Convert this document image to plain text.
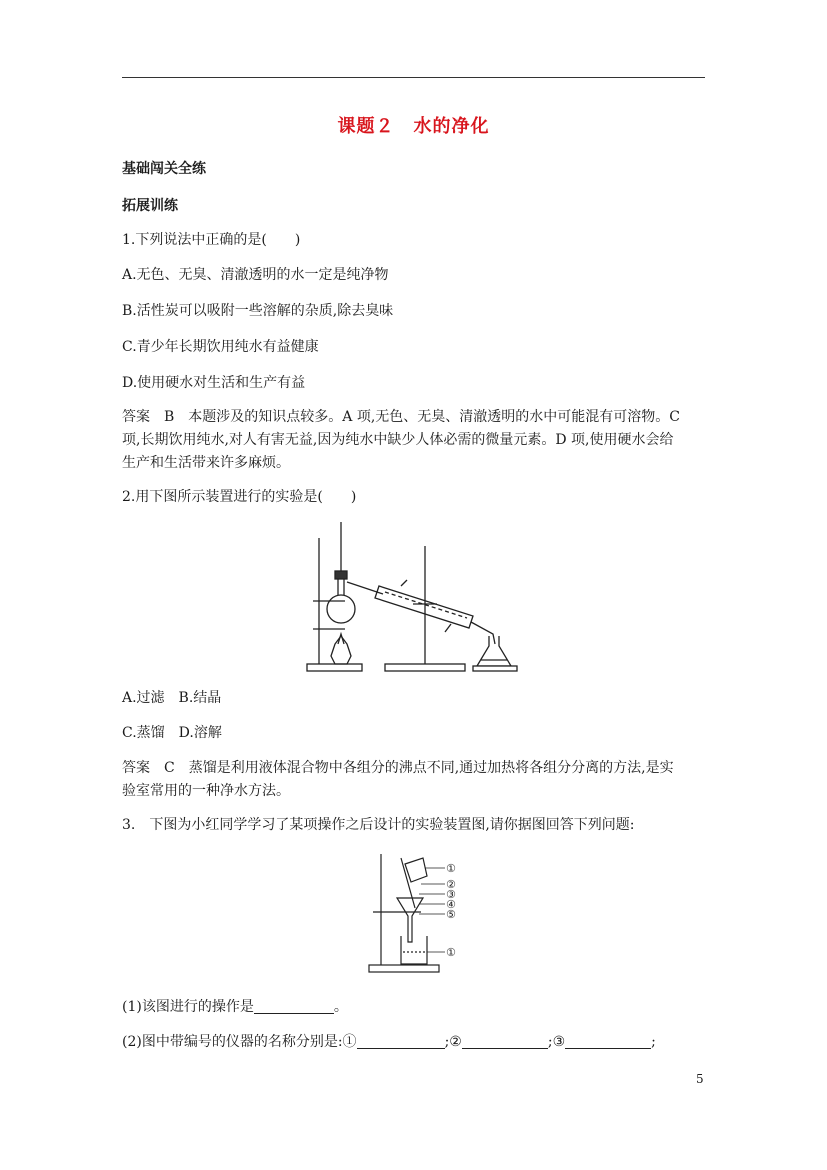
课题２　水的净化
基础闯关全练
拓展训练
1.下列说法中正确的是(　　)
A.无色、无臭、清澈透明的水一定是纯净物
B.活性炭可以吸附一些溶解的杂质,除去臭味
C.青少年长期饮用纯水有益健康
D.使用硬水对生活和生产有益
答案　B　本题涉及的知识点较多。A 项,无色、无臭、清澈透明的水中可能混有可溶物。C
项,长期饮用纯水,对人有害无益,因为纯水中缺少人体必需的微量元素。D 项,使用硬水会给
生产和生活带来许多麻烦。
2.用下图所示装置进行的实验是(　　)
A.过滤　B.结晶
C.蒸馏　D.溶解
答案　C　蒸馏是利用液体混合物中各组分的沸点不同,通过加热将各组分分离的方法,是实
验室常用的一种净水方法。
3.　下图为小红同学学习了某项操作之后设计的实验装置图,请你据图回答下列问题:
①
②
③
④
⑤
①
(1)该图进行的操作是	。
(2)图中带编号的仪器的名称分别是:①	;②	;③	;
5
